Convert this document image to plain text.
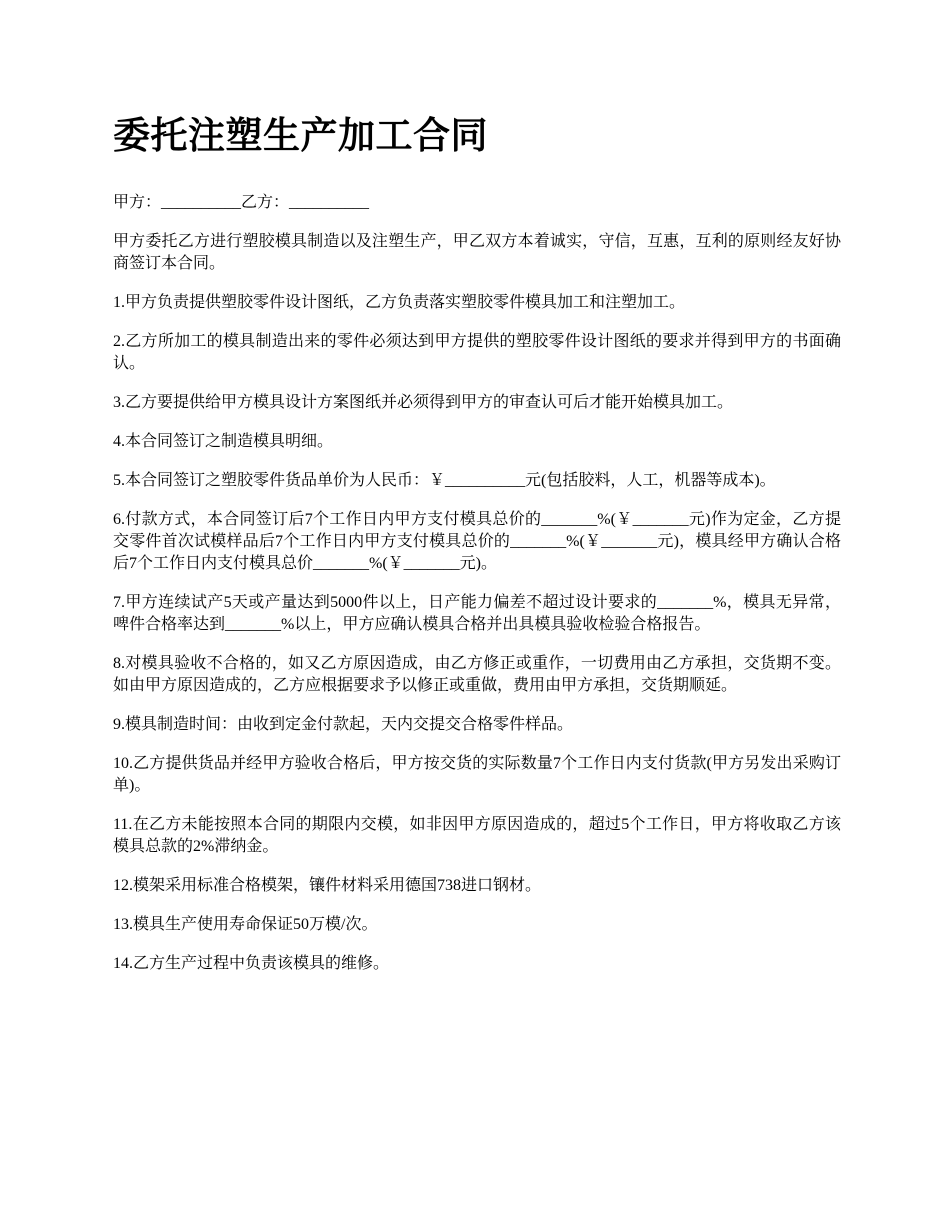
委托注塑生产加工合同

甲方：__________乙方：__________

甲方委托乙方进行塑胶模具制造以及注塑生产，甲乙双方本着诚实，守信，互惠，互利的原则经友好协商签订本合同。

1.甲方负责提供塑胶零件设计图纸，乙方负责落实塑胶零件模具加工和注塑加工。

2.乙方所加工的模具制造出来的零件必须达到甲方提供的塑胶零件设计图纸的要求并得到甲方的书面确认。

3.乙方要提供给甲方模具设计方案图纸并必须得到甲方的审查认可后才能开始模具加工。

4.本合同签订之制造模具明细。

5.本合同签订之塑胶零件货品单价为人民币：￥__________元(包括胶料，人工，机器等成本)。

6.付款方式，本合同签订后7个工作日内甲方支付模具总价的_______%(￥_______元)作为定金，乙方提交零件首次试模样品后7个工作日内甲方支付模具总价的_______%(￥_______元)，模具经甲方确认合格后7个工作日内支付模具总价_______%(￥_______元)。

7.甲方连续试产5天或产量达到5000件以上，日产能力偏差不超过设计要求的_______%，模具无异常，啤件合格率达到_______%以上，甲方应确认模具合格并出具模具验收检验合格报告。

8.对模具验收不合格的，如又乙方原因造成，由乙方修正或重作，一切费用由乙方承担，交货期不变。如由甲方原因造成的，乙方应根据要求予以修正或重做，费用由甲方承担，交货期顺延。

9.模具制造时间：由收到定金付款起，天内交提交合格零件样品。

10.乙方提供货品并经甲方验收合格后，甲方按交货的实际数量7个工作日内支付货款(甲方另发出采购订单)。

11.在乙方未能按照本合同的期限内交模，如非因甲方原因造成的，超过5个工作日，甲方将收取乙方该模具总款的2%滞纳金。

12.模架采用标准合格模架，镶件材料采用德国738进口钢材。

13.模具生产使用寿命保证50万模/次。

14.乙方生产过程中负责该模具的维修。
